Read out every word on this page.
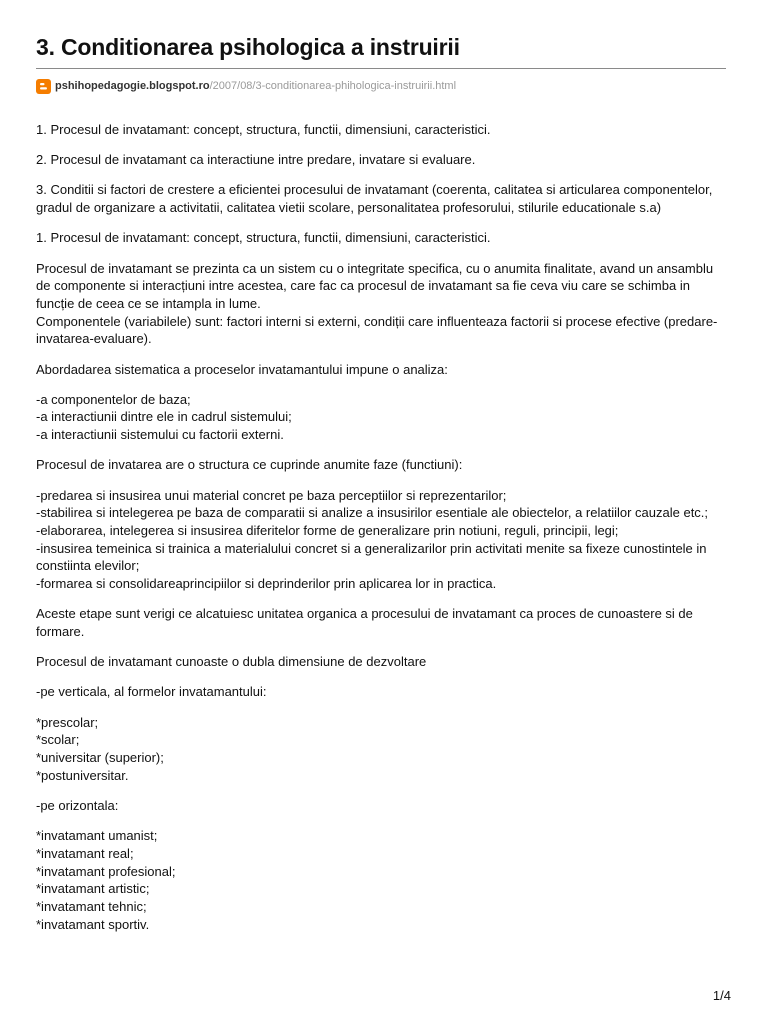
3. Conditionarea psihologica a instruirii
pshihopedagogie.blogspot.ro/2007/08/3-conditionarea-phihologica-instruirii.html

1. Procesul de invatamant: concept, structura, functii, dimensiuni, caracteristici.

2. Procesul de invatamant ca interactiune intre predare, invatare si evaluare.

3. Conditii si factori de crestere a eficientei procesului de invatamant (coerenta, calitatea si articularea componentelor, gradul de organizare a activitatii, calitatea vietii scolare, personalitatea profesorului, stilurile educationale s.a)

1. Procesul de invatamant: concept, structura, functii, dimensiuni, caracteristici.

Procesul de invatamant se prezinta ca un sistem cu o integritate specifica, cu o anumita finalitate, avand un ansamblu de componente si interacțiuni intre acestea, care fac ca procesul de invatamant sa fie ceva viu care se schimba in funcție de ceea ce se intampla in lume.
Componentele (variabilele) sunt: factori interni si externi, condiții care influenteaza factorii si procese efective (predare-invatarea-evaluare).

Abordadarea sistematica a proceselor invatamantului impune o analiza:

-a componentelor de baza;
-a interactiunii dintre ele in cadrul sistemului;
-a interactiunii sistemului cu factorii externi.

Procesul de invatarea are o structura ce cuprinde anumite faze (functiuni):

-predarea si insusirea unui material concret pe baza perceptiilor si reprezentarilor;
-stabilirea si intelegerea pe baza de comparatii si analize a insusirilor esentiale ale obiectelor, a relatiilor cauzale etc.;
-elaborarea, intelegerea si insusirea diferitelor forme de generalizare prin notiuni, reguli, principii, legi;
-insusirea temeinica si trainica a materialului concret si a generalizarilor prin activitati menite sa fixeze cunostintele in constiinta elevilor;
-formarea si consolidareaprincipiilor si deprinderilor prin aplicarea lor in practica.

Aceste etape sunt verigi ce alcatuiesc unitatea organica a procesului de invatamant ca proces de cunoastere si de formare.

Procesul de invatamant cunoaste o dubla dimensiune de dezvoltare

-pe verticala, al formelor invatamantului:

*prescolar;
*scolar;
*universitar (superior);
*postuniversitar.

-pe orizontala:

*invatamant umanist;
*invatamant real;
*invatamant profesional;
*invatamant artistic;
*invatamant tehnic;
*invatamant sportiv.

1/4
